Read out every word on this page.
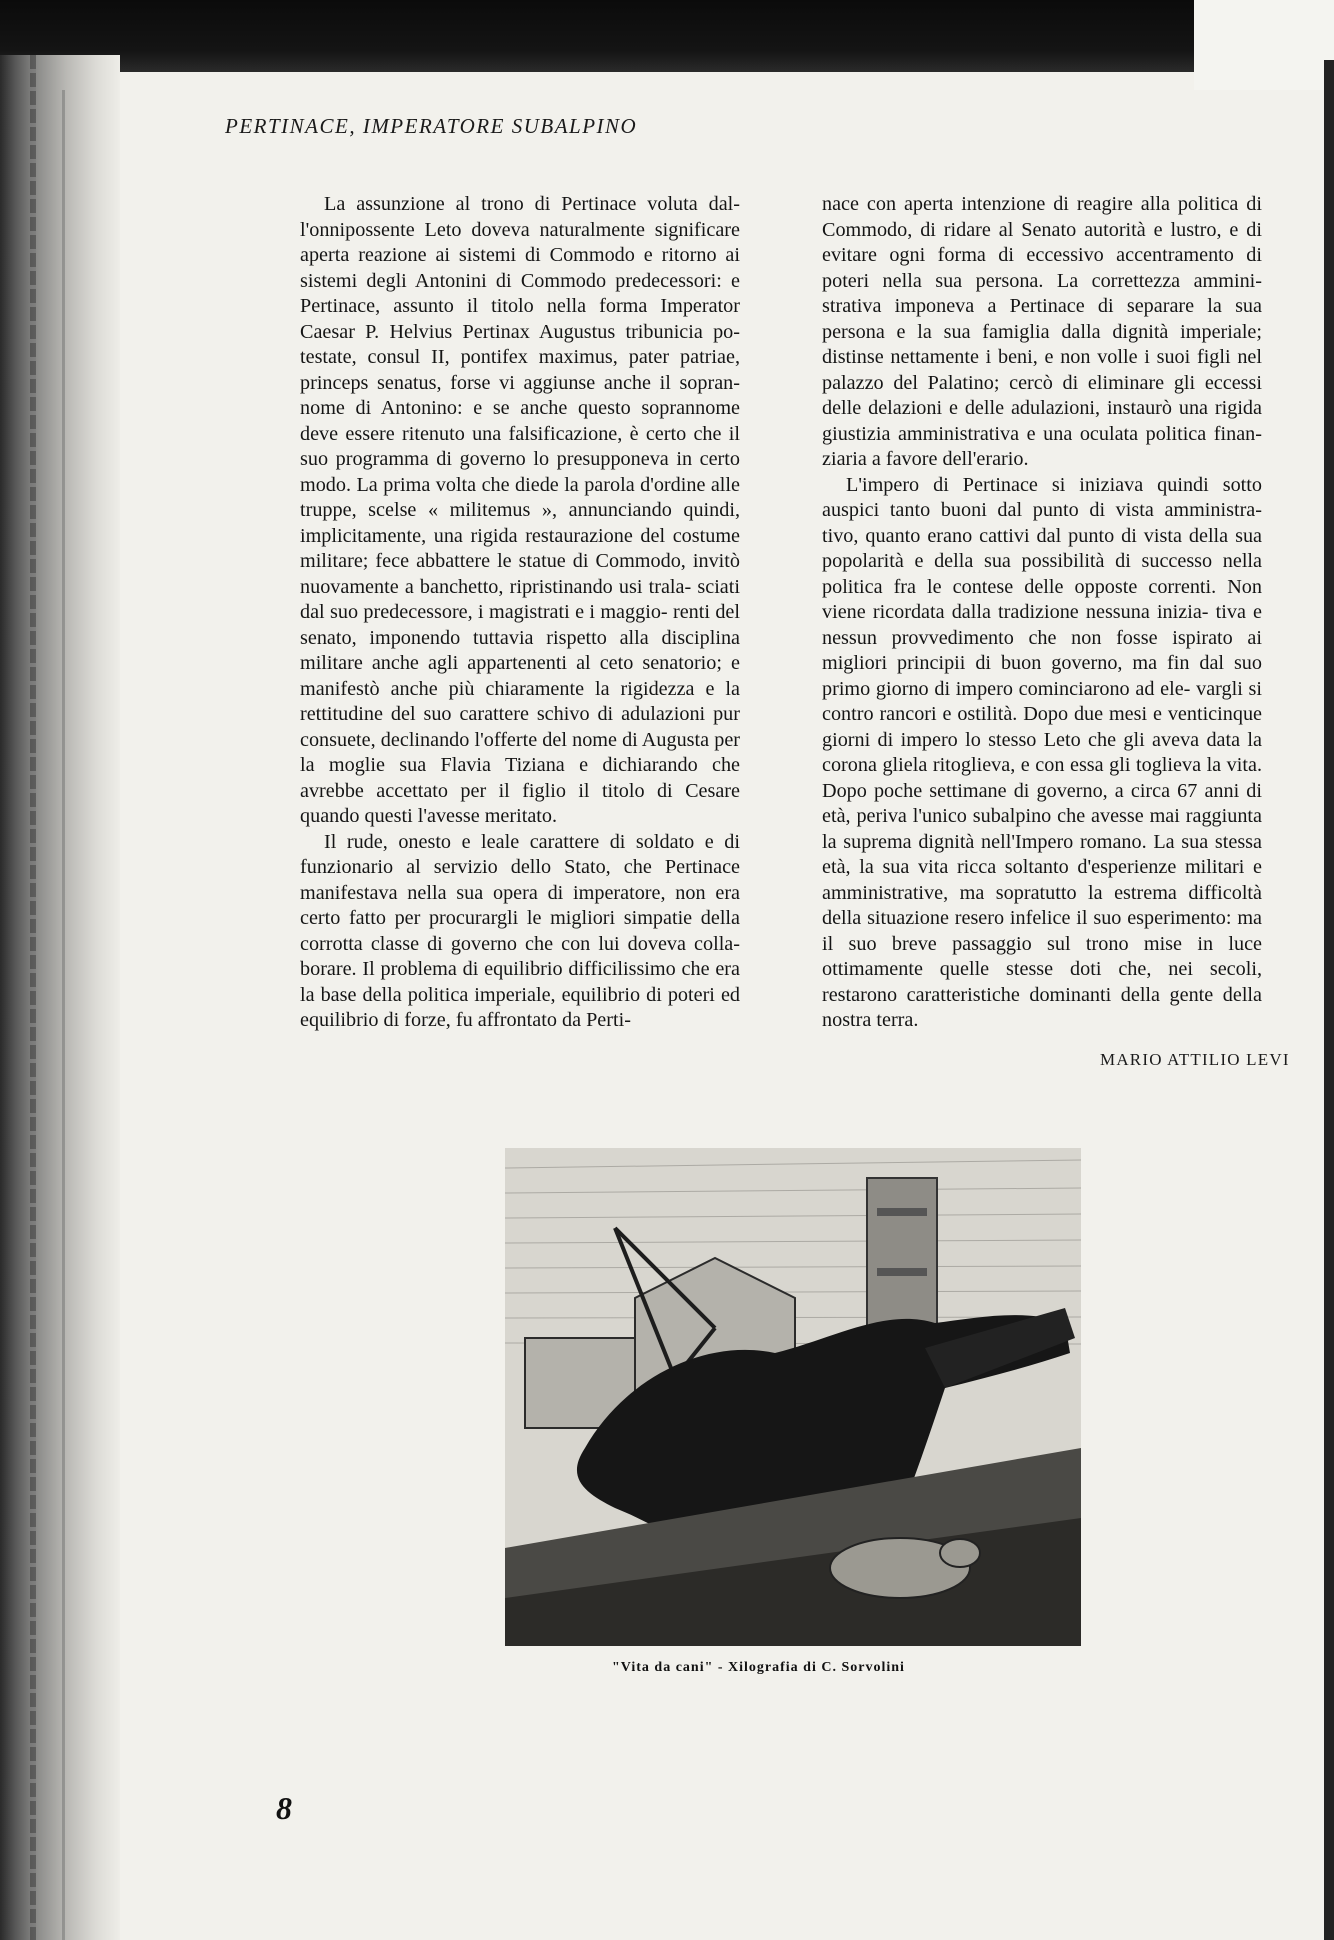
PERTINACE, IMPERATORE SUBALPINO

La assunzione al trono di Pertinace voluta dal- l'onnipossente Leto doveva naturalmente significare aperta reazione ai sistemi di Commodo e ritorno ai sistemi degli Antonini di Commodo predecessori: e Pertinace, assunto il titolo nella forma Imperator Caesar P. Helvius Pertinax Augustus tribunicia po- testate, consul II, pontifex maximus, pater patriae, princeps senatus, forse vi aggiunse anche il sopran- nome di Antonino: e se anche questo soprannome deve essere ritenuto una falsificazione, è certo che il suo programma di governo lo presupponeva in certo modo. La prima volta che diede la parola d'ordine alle truppe, scelse « militemus », annunciando quindi, implicitamente, una rigida restaurazione del costume militare; fece abbattere le statue di Commodo, invitò nuovamente a banchetto, ripristinando usi trala- sciati dal suo predecessore, i magistrati e i maggio- renti del senato, imponendo tuttavia rispetto alla disciplina militare anche agli appartenenti al ceto senatorio; e manifestò anche più chiaramente la rigidezza e la rettitudine del suo carattere schivo di adulazioni pur consuete, declinando l'offerte del nome di Augusta per la moglie sua Flavia Tiziana e dichiarando che avrebbe accettato per il figlio il titolo di Cesare quando questi l'avesse meritato.

Il rude, onesto e leale carattere di soldato e di funzionario al servizio dello Stato, che Pertinace manifestava nella sua opera di imperatore, non era certo fatto per procurargli le migliori simpatie della corrotta classe di governo che con lui doveva colla- borare. Il problema di equilibrio difficilissimo che era la base della politica imperiale, equilibrio di poteri ed equilibrio di forze, fu affrontato da Perti-

nace con aperta intenzione di reagire alla politica di Commodo, di ridare al Senato autorità e lustro, e di evitare ogni forma di eccessivo accentramento di poteri nella sua persona. La correttezza ammini- strativa imponeva a Pertinace di separare la sua persona e la sua famiglia dalla dignità imperiale; distinse nettamente i beni, e non volle i suoi figli nel palazzo del Palatino; cercò di eliminare gli eccessi delle delazioni e delle adulazioni, instaurò una rigida giustizia amministrativa e una oculata politica finan- ziaria a favore dell'erario.

L'impero di Pertinace si iniziava quindi sotto auspici tanto buoni dal punto di vista amministra- tivo, quanto erano cattivi dal punto di vista della sua popolarità e della sua possibilità di successo nella politica fra le contese delle opposte correnti. Non viene ricordata dalla tradizione nessuna inizia- tiva e nessun provvedimento che non fosse ispirato ai migliori principii di buon governo, ma fin dal suo primo giorno di impero cominciarono ad ele- vargli si contro rancori e ostilità. Dopo due mesi e venticinque giorni di impero lo stesso Leto che gli aveva data la corona gliela ritoglieva, e con essa gli toglieva la vita. Dopo poche settimane di governo, a circa 67 anni di età, periva l'unico subalpino che avesse mai raggiunta la suprema dignità nell'Impero romano. La sua stessa età, la sua vita ricca soltanto d'esperienze militari e amministrative, ma sopratutto la estrema difficoltà della situazione resero infelice il suo esperimento: ma il suo breve passaggio sul trono mise in luce ottimamente quelle stesse doti che, nei secoli, restarono caratteristiche dominanti della gente della nostra terra.

MARIO ATTILIO LEVI
"Vita da cani" - Xilografia di C. Sorvolini
8
